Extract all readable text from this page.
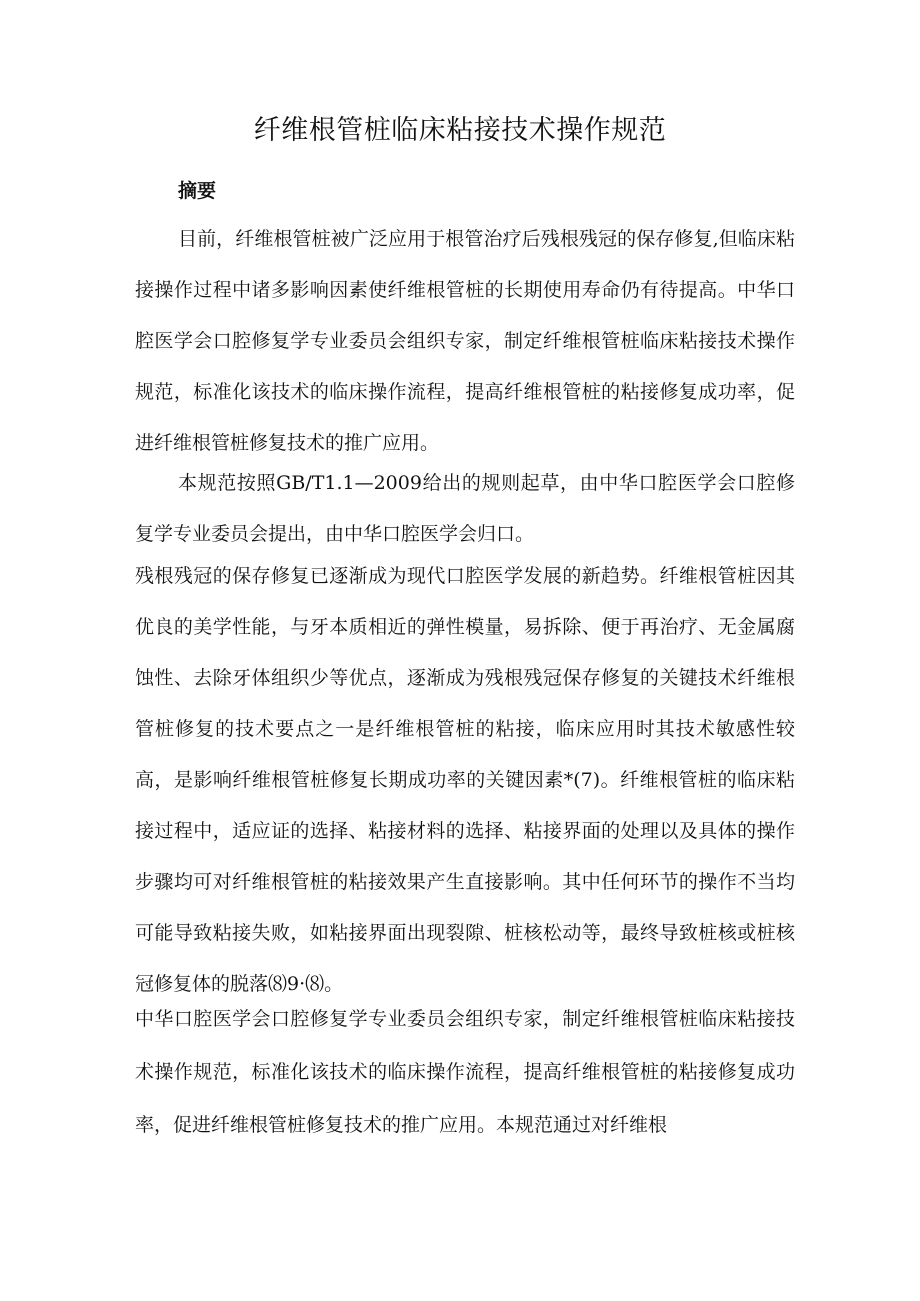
纤维根管桩临床粘接技术操作规范
摘要

目前，纤维根管桩被广泛应用于根管治疗后残根残冠的保存修复,但临床粘接操作过程中诸多影响因素使纤维根管桩的长期使用寿命仍有待提高。中华口腔医学会口腔修复学专业委员会组织专家，制定纤维根管桩临床粘接技术操作规范，标准化该技术的临床操作流程，提高纤维根管桩的粘接修复成功率，促进纤维根管桩修复技术的推广应用。

本规范按照GB/T1.1—2009给出的规则起草，由中华口腔医学会口腔修复学专业委员会提出，由中华口腔医学会归口。

残根残冠的保存修复已逐渐成为现代口腔医学发展的新趋势。纤维根管桩因其优良的美学性能，与牙本质相近的弹性模量，易拆除、便于再治疗、无金属腐蚀性、去除牙体组织少等优点，逐渐成为残根残冠保存修复的关键技术纤维根管桩修复的技术要点之一是纤维根管桩的粘接，临床应用时其技术敏感性较高，是影响纤维根管桩修复长期成功率的关键因素*(7)。纤维根管桩的临床粘接过程中，适应证的选择、粘接材料的选择、粘接界面的处理以及具体的操作步骤均可对纤维根管桩的粘接效果产生直接影响。其中任何环节的操作不当均可能导致粘接失败，如粘接界面出现裂隙、桩核松动等，最终导致桩核或桩核冠修复体的脱落⑻9·⑻。

中华口腔医学会口腔修复学专业委员会组织专家，制定纤维根管桩临床粘接技术操作规范，标准化该技术的临床操作流程，提高纤维根管桩的粘接修复成功率，促进纤维根管桩修复技术的推广应用。本规范通过对纤维根
